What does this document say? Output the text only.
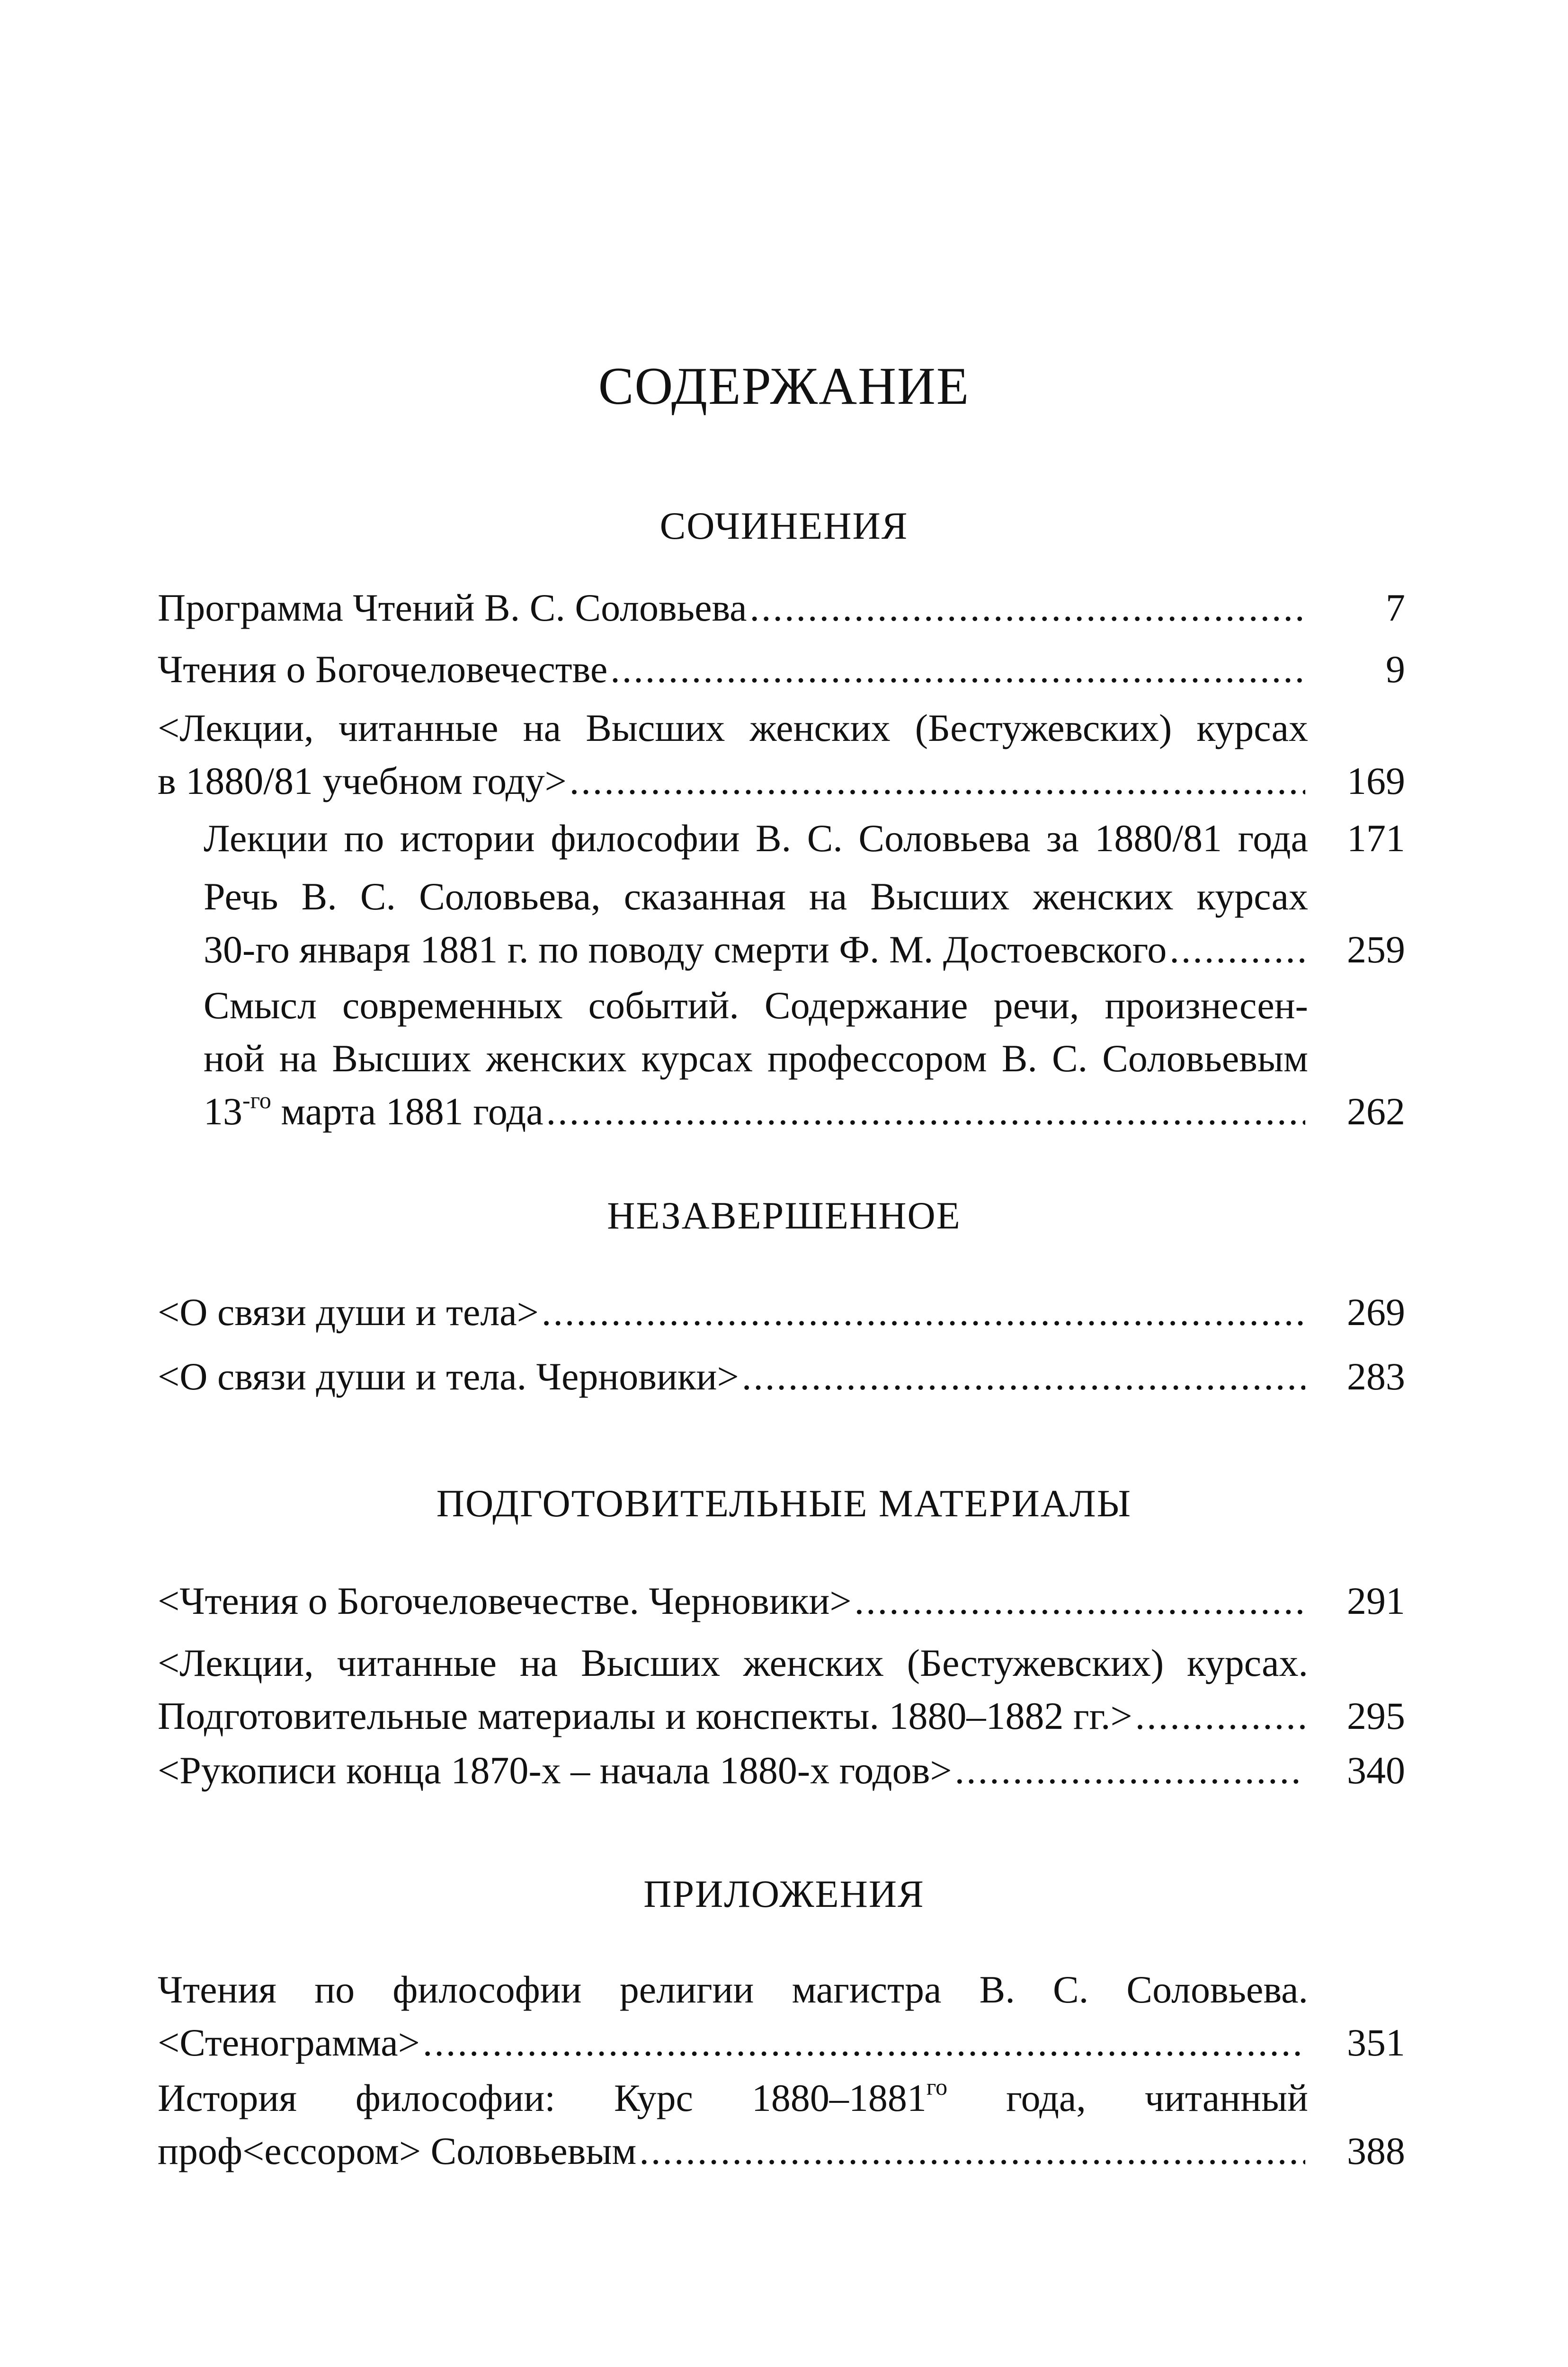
СОДЕРЖАНИЕ
СОЧИНЕНИЯ
Программа Чтений В. С. Соловьева .....	7
Чтения о Богочеловечестве .....	9
<Лекции, читанные на Высших женских (Бестужевских) курсах
в 1880/81 учебном году> .....	169
Лекции по истории философии В. С. Соловьева за 1880/81 года	171
Речь В. С. Соловьева, сказанная на Высших женских курсах
30-го января 1881 г. по поводу смерти Ф. М. Достоевского .....	259
Смысл современных событий. Содержание речи, произнесен-
ной на Высших женских курсах профессором В. С. Соловьевым
$13^{-го}$ марта 1881 года .....	262
НЕЗАВЕРШЕННОЕ
<О связи души и тела> .....	269
<О связи души и тела. Черновики> .....	283
ПОДГОТОВИТЕЛЬНЫЕ МАТЕРИАЛЫ
<Чтения о Богочеловечестве. Черновики> .....	291
<Лекции, читанные на Высших женских (Бестужевских) курсах.
Подготовительные материалы и конспекты. 1880–1882 гг.> .....	295
<Рукописи конца 1870-х – начала 1880-х годов> .....	340
ПРИЛОЖЕНИЯ
Чтения по философии религии магистра В. С. Соловьева.
<Стенограмма> .....	351
История философии: Курс $1880-1881^{го}$ года, читанный
проф<ессором> Соловьевым .....	388
